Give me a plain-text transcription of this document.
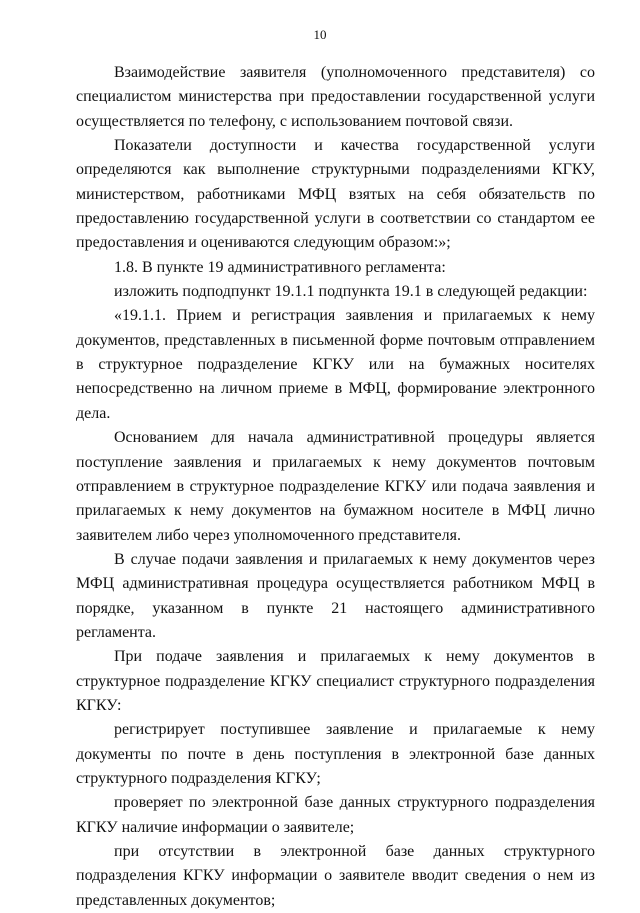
10

Взаимодействие заявителя (уполномоченного представителя) со специалистом министерства при предоставлении государственной услуги осуществляется по телефону, с использованием почтовой связи.

Показатели доступности и качества государственной услуги определяются как выполнение структурными подразделениями КГКУ, министерством, работниками МФЦ взятых на себя обязательств по предоставлению государственной услуги в соответствии со стандартом ее предоставления и оцениваются следующим образом:»;

1.8. В пункте 19 административного регламента:

изложить подподпункт 19.1.1 подпункта 19.1 в следующей редакции:

«19.1.1. Прием и регистрация заявления и прилагаемых к нему документов, представленных в письменной форме почтовым отправлением в структурное подразделение КГКУ или на бумажных носителях непосредственно на личном приеме в МФЦ, формирование электронного дела.

Основанием для начала административной процедуры является поступление заявления и прилагаемых к нему документов почтовым отправлением в структурное подразделение КГКУ или подача заявления и прилагаемых к нему документов на бумажном носителе в МФЦ лично заявителем либо через уполномоченного представителя.

В случае подачи заявления и прилагаемых к нему документов через МФЦ административная процедура осуществляется работником МФЦ в порядке, указанном в пункте 21 настоящего административного регламента.

При подаче заявления и прилагаемых к нему документов в структурное подразделение КГКУ специалист структурного подразделения КГКУ:

регистрирует поступившее заявление и прилагаемые к нему документы по почте в день поступления в электронной базе данных структурного подразделения КГКУ;

проверяет по электронной базе данных структурного подразделения КГКУ наличие информации о заявителе;

при отсутствии в электронной базе данных структурного подразделения КГКУ информации о заявителе вводит сведения о нем из представленных документов;
